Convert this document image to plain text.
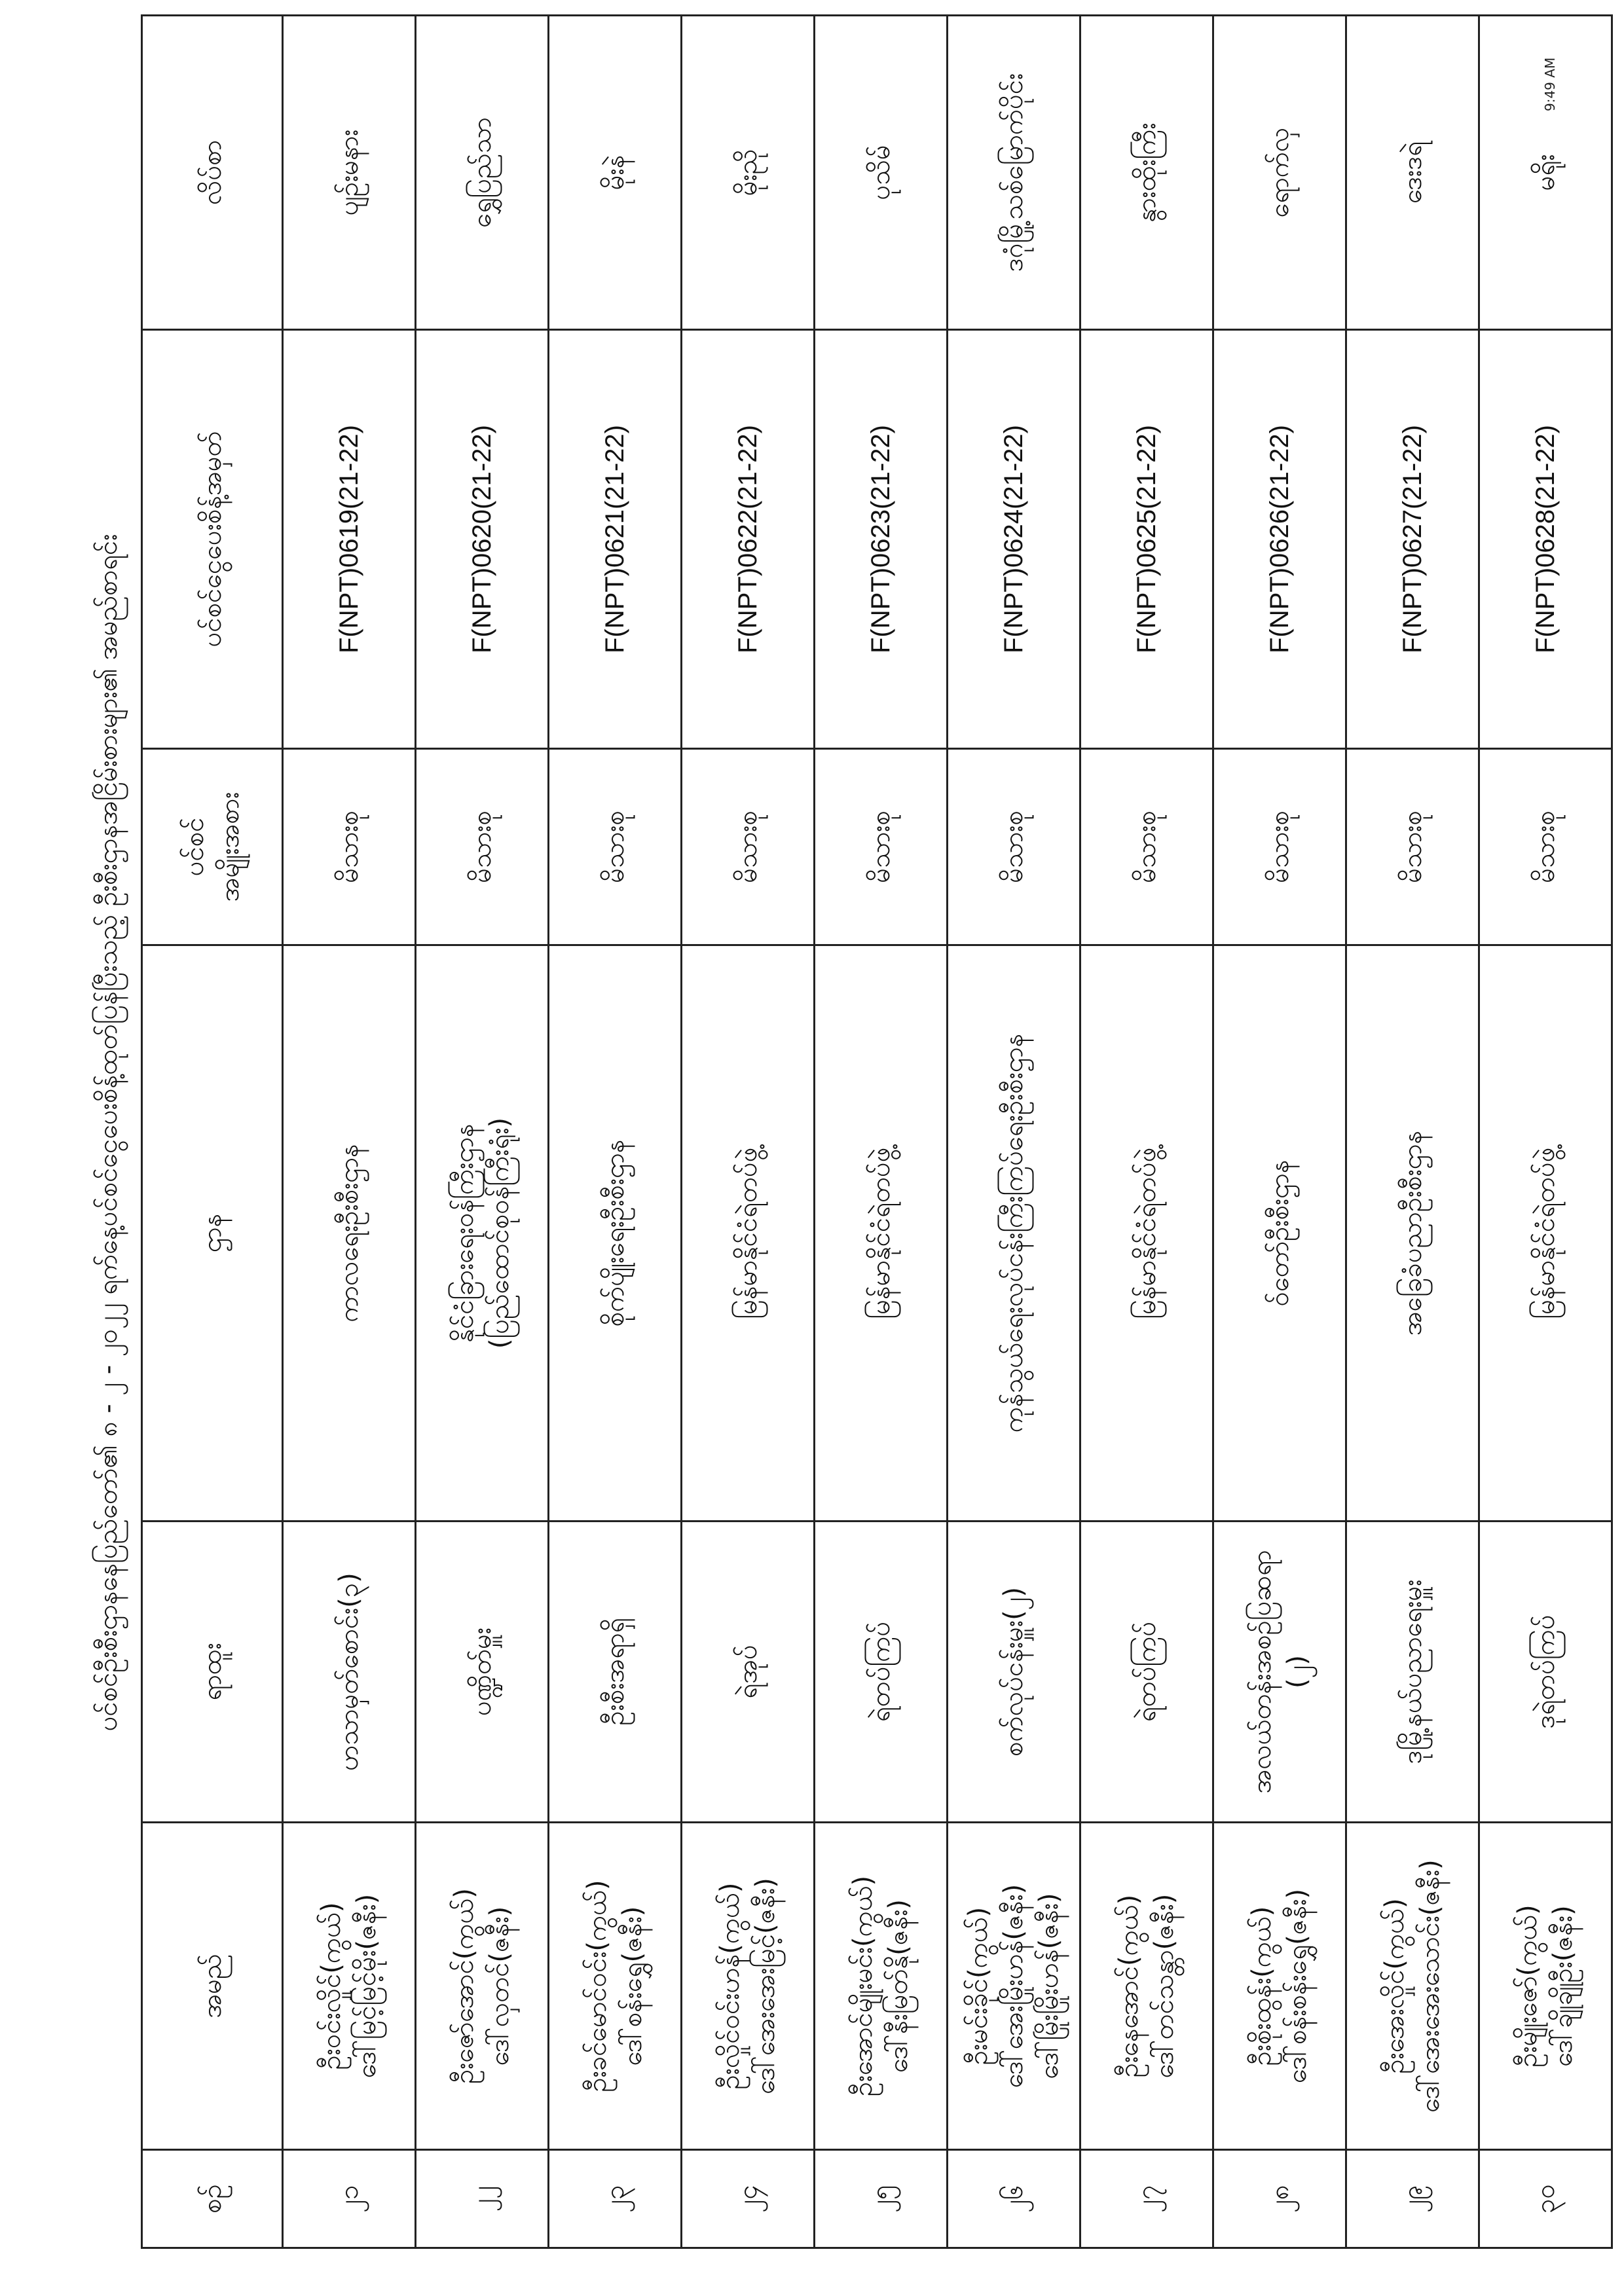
9:49 AM
ပင်စင်ဦးစီးဌာနနေပြည်တော်၏ ၈ - ၂ - ၂၀၂၂ ရက်နေ့ပင်စင်ငွေပေးစိန့်ထုတ်ပြန်ပြီးသည့် ဦးစီးဌာနအငြိမ်းစားများ၏ အမည်စာရင်း
စဉ်	အမည်	ရာထူး	ဌာန	ပင်စင် အမျိုးအစား	ပင်စင်ငွေပေးစိန့်အမှတ်	လိပ်စာ
၂၁	ဦးဝင်းလှိုင်(ကွယ်) ဒေါ်မြင့်မြင့်မိုး(ဇနီး)	ဟသာမှတ်စောင်း(၃)	ကာလရေးဦးစီးဌာန	မိသားစု	F(NPT)0619(21-22)	ပျဉ်းမနား
၂၂	ဦးဇော်အောင်(ကွယ်) ဒေါ်လှတင်(ဇနီး)	ပဏ္ဍိတ်မှူး	နိုင်ငံခြားရေးဝန်ကြီးဌာန (ပြည်ထောင်စုဝန်ကြီးရုံး)	မိသားစု	F(NPT)0620(21-22)	ရွှေပြည်သာ
၂၃	ဦးခင်မောင်ဝင်း(ကွယ်) ဒေါ်စန်းရွှေ(ဇနီး)	ဦးစီးအရာရှိ	စိုက်ပျိုးရေးဦးစီးဌာန	မိသားစု	F(NPT)0621(21-22)	မိုးနဲ
၂၄	ဦးလှိုင်ဝင်းဟန်(ကွယ်) ဒေါ်အေးအေးမြင့်(ဇနီး)	ရဲအုပ်	မြန်မာနိုင်ငံရဲတပ်ဖွဲ့	မိသားစု	F(NPT)0622(21-22)	မိုးညို
၂၅	ဦးအောင်မျိုးမင်း(ကွယ်) ဒေါ်နီးမြတ်နို(ဇနီး)	ရဲတပ်ကြပ်	မြန်မာနိုင်ငံရဲတပ်ဖွဲ့	မိသားစု	F(NPT)0623(21-22)	ပုသိမ်
၂၆	ဦးမင်းခိုင်(ကွယ်) ဒေါ်အေးမြိုးဟန်(ဇနီး) ဒေါ်မြိုးမြိုးဟန်(ဇနီး)	စက်လုပ်ငန်းမှူး(၂)	ကုန်သွယ်ရေးလုပ်ငန်းကြီးကြပ်ရေးဦးစီးဌာန	မိသားစု	F(NPT)0624(21-22)	ဒဂုံမြို့သစ်မြောက်ပိုင်း
၂၇	ဦးနေအောင်(ကွယ်) ဒေါ်တင်သန္တာ(ဇနီး)	ရဲတပ်ကြပ်	မြန်မာနိုင်ငံရဲတပ်ဖွဲ့	မိသားစု	F(NPT)0625(21-22)	နွားထိုးကြီး
၂၈	ဦးစိုးထွန်း(ကွယ်) ဒေါ်စန်းစန်းရွှေ(ဇနီး)	အလယ်တန်းအစဉ်ပြဆရာ (၂)	ဝ်တော်ဦးစီးဌာန	မိသားစု	F(NPT)0626(21-22)	ရောက်လှ
၂၉	ဦးအေးလှိုင်(ကွယ်) ဒေါ်အေးအေးသောင်း(ဇနီး)	ဒုမြို့နယ်ပညာရေးမှူး	အခြေခံပညာဦးစီးဌာန	မိသားစု	F(NPT)0627(21-22)	ဒေးဒရဲ
၃၀	ဦးမျိုးဇော်(ကွယ်) ဒေါ်ချိုချိုဦး(ဇနီး)	ဒုရဲတပ်ကြပ်	မြန်မာနိုင်ငံရဲတပ်ဖွဲ့	မိသားစု	F(NPT)0628(21-22)	မရိုး
